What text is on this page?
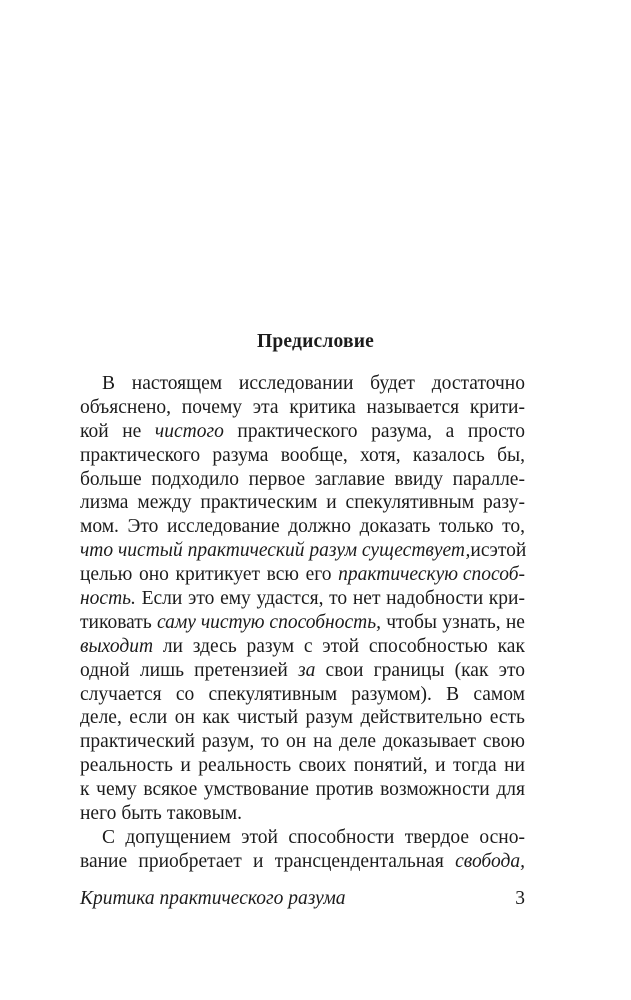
Предисловие
В настоящем исследовании будет достаточно
объяснено, почему эта критика называется крити-
кой не чистого практического разума, а просто
практического разума вообще, хотя, казалось бы,
больше подходило первое заглавие ввиду паралле-
лизма между практическим и спекулятивным разу-
мом. Это исследование должно доказать только то,
что чистый практический разум существует, и с этой
целью оно критикует всю его практическую способ-
ность. Если это ему удастся, то нет надобности кри-
тиковать саму чистую способность, чтобы узнать, не
выходит ли здесь разум с этой способностью как
одной лишь претензией за свои границы (как это
случается со спекулятивным разумом). В самом
деле, если он как чистый разум действительно есть
практический разум, то он на деле доказывает свою
реальность и реальность своих понятий, и тогда ни
к чему всякое умствование против возможности для
него быть таковым.
С допущением этой способности твердое осно-
вание приобретает и трансцендентальная свобода,
Критика практического разума	3
